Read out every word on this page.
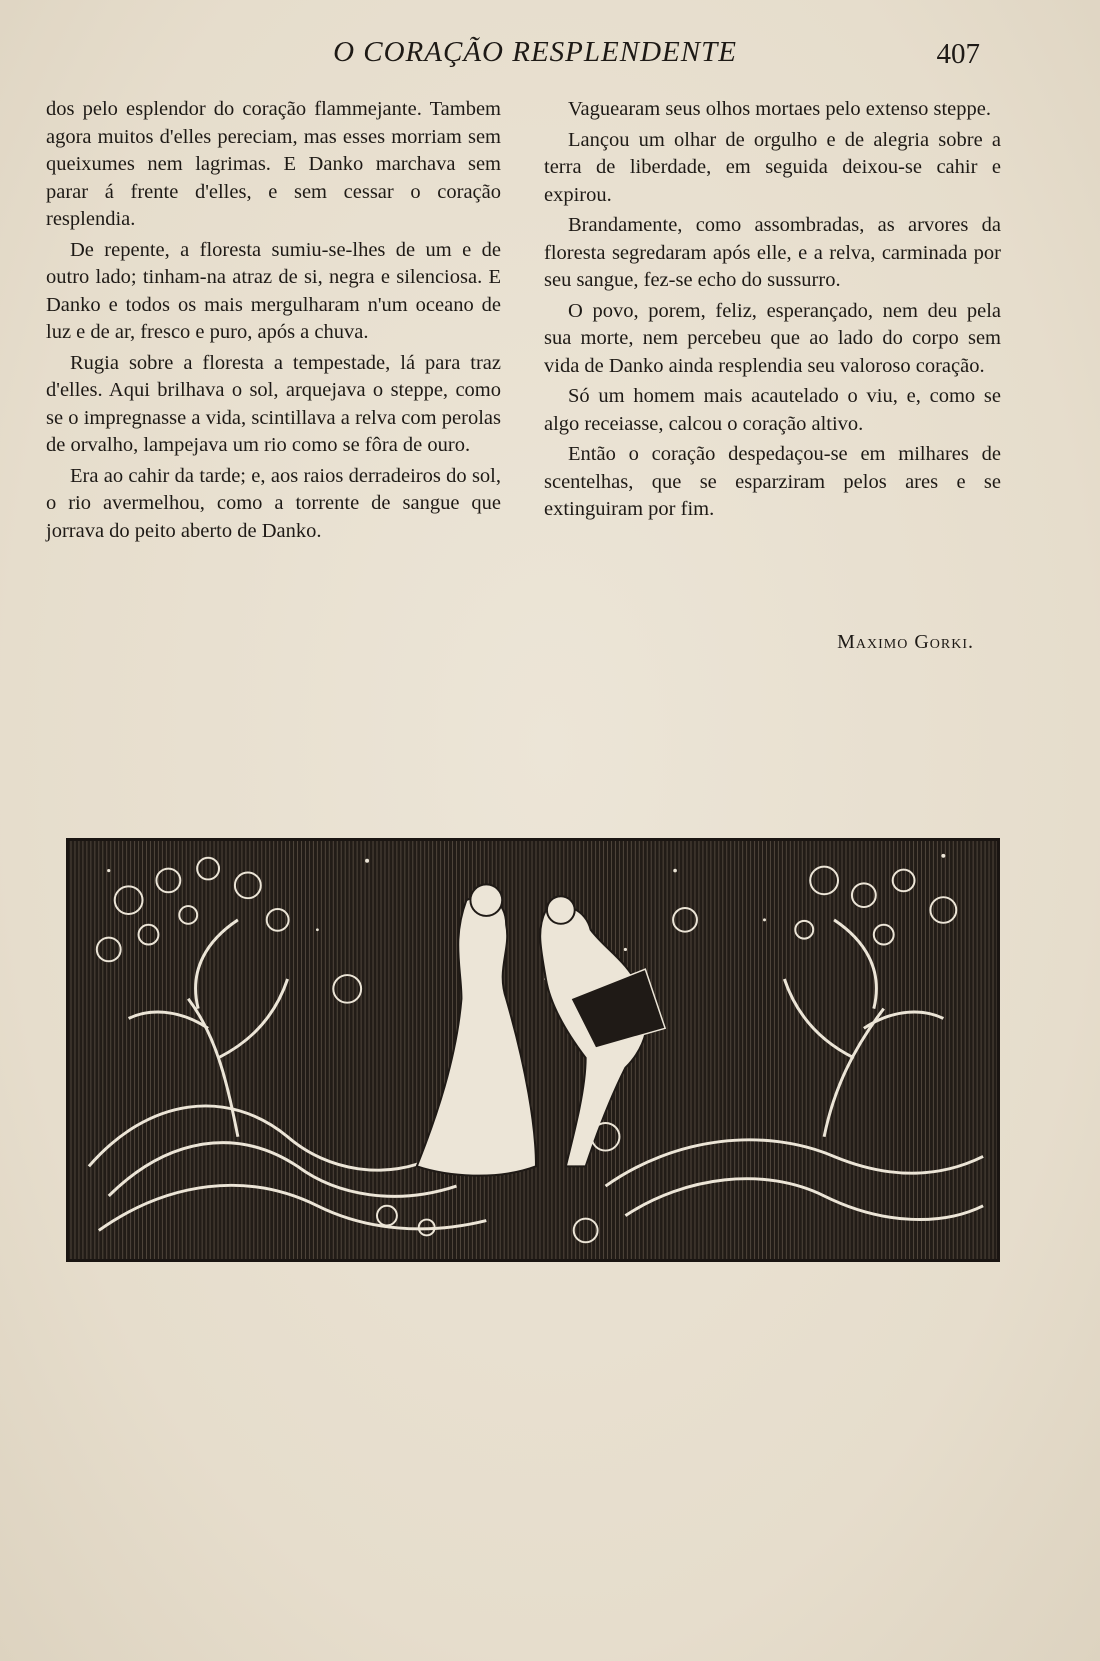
O CORAÇÃO RESPLENDENTE	407

dos pelo esplendor do coração flammejante. Tambem agora muitos d'elles pereciam, mas esses morriam sem queixumes nem lagrimas. E Danko marchava sem parar á frente d'elles, e sem cessar o coração resplendia.

De repente, a floresta sumiu-se-lhes de um e de outro lado; tinham-na atraz de si, negra e silenciosa. E Danko e todos os mais mergulharam n'um oceano de luz e de ar, fresco e puro, após a chuva.

Rugia sobre a floresta a tempestade, lá para traz d'elles. Aqui brilhava o sol, arquejava o steppe, como se o impregnasse a vida, scintillava a relva com perolas de orvalho, lampejava um rio como se fôra de ouro.

Era ao cahir da tarde; e, aos raios derradeiros do sol, o rio avermelhou, como a torrente de sangue que jorrava do peito aberto de Danko.

Vaguearam seus olhos mortaes pelo extenso steppe.

Lançou um olhar de orgulho e de alegria sobre a terra de liberdade, em seguida deixou-se cahir e expirou.

Brandamente, como assombradas, as arvores da floresta segredaram após elle, e a relva, carminada por seu sangue, fez-se echo do sussurro.

O povo, porem, feliz, esperançado, nem deu pela sua morte, nem percebeu que ao lado do corpo sem vida de Danko ainda resplendia seu valoroso coração.

Só um homem mais acautelado o viu, e, como se algo receiasse, calcou o coração altivo.

Então o coração despedaçou-se em milhares de scentelhas, que se esparziram pelos ares e se extinguiram por fim.

Maximo Gorki.
